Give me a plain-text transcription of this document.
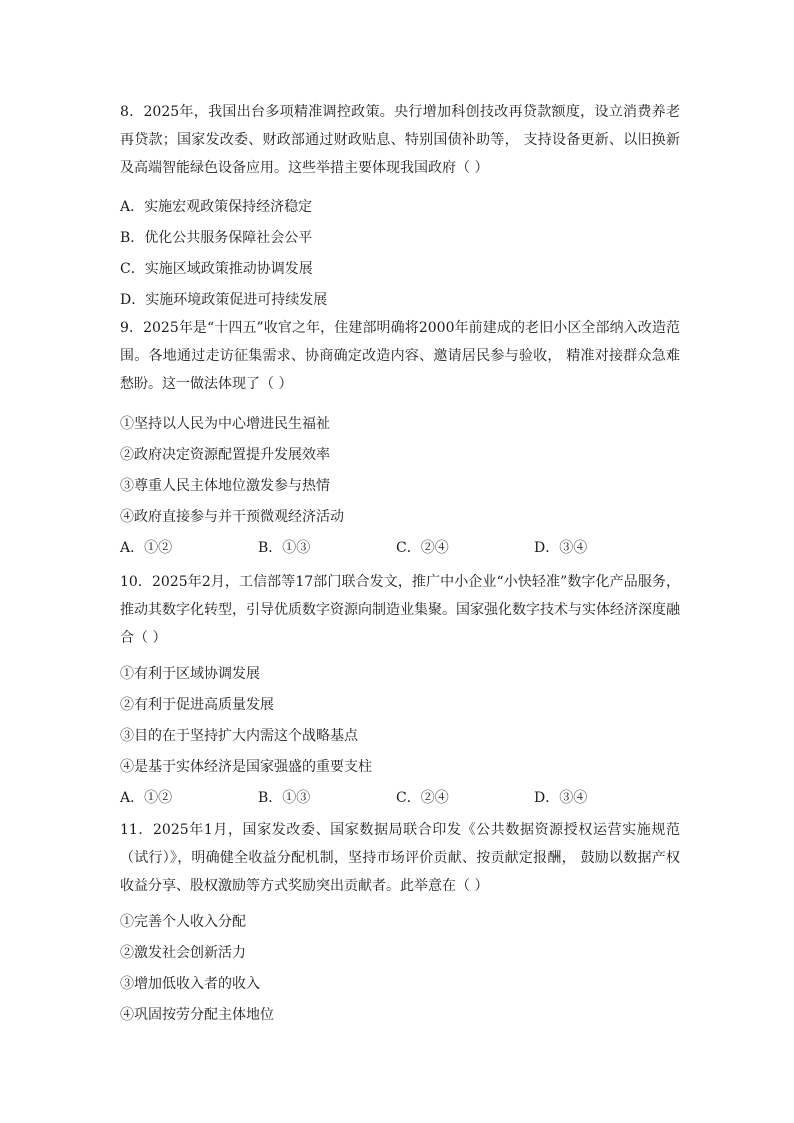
8．2025年，我国出台多项精准调控政策。央行增加科创技改再贷款额度，设立消费养老再贷款；国家发改委、财政部通过财政贴息、特别国债补助等， 支持设备更新、以旧换新及高端智能绿色设备应用。这些举措主要体现我国政府（ ）

A．实施宏观政策保持经济稳定
B．优化公共服务保障社会公平
C．实施区域政策推动协调发展
D．实施环境政策促进可持续发展

9．2025年是“十四五”收官之年，住建部明确将2000年前建成的老旧小区全部纳入改造范围。各地通过走访征集需求、协商确定改造内容、邀请居民参与验收， 精准对接群众急难愁盼。这一做法体现了（ ）

①坚持以人民为中心增进民生福祉
②政府决定资源配置提升发展效率
③尊重人民主体地位激发参与热情
④政府直接参与并干预微观经济活动
A．①②	B．①③	C．②④	D．③④

10．2025年2月，工信部等17部门联合发文，推广中小企业“小快轻准”数字化产品服务，推动其数字化转型，引导优质数字资源向制造业集聚。国家强化数字技术与实体经济深度融合（ ）

①有利于区域协调发展
②有利于促进高质量发展
③目的在于坚持扩大内需这个战略基点
④是基于实体经济是国家强盛的重要支柱
A．①②	B．①③	C．②④	D．③④

11．2025年1月，国家发改委、国家数据局联合印发《公共数据资源授权运营实施规范（试行）》，明确健全收益分配机制，坚持市场评价贡献、按贡献定报酬， 鼓励以数据产权收益分享、股权激励等方式奖励突出贡献者。此举意在（ ）

①完善个人收入分配
②激发社会创新活力
③增加低收入者的收入
④巩固按劳分配主体地位
